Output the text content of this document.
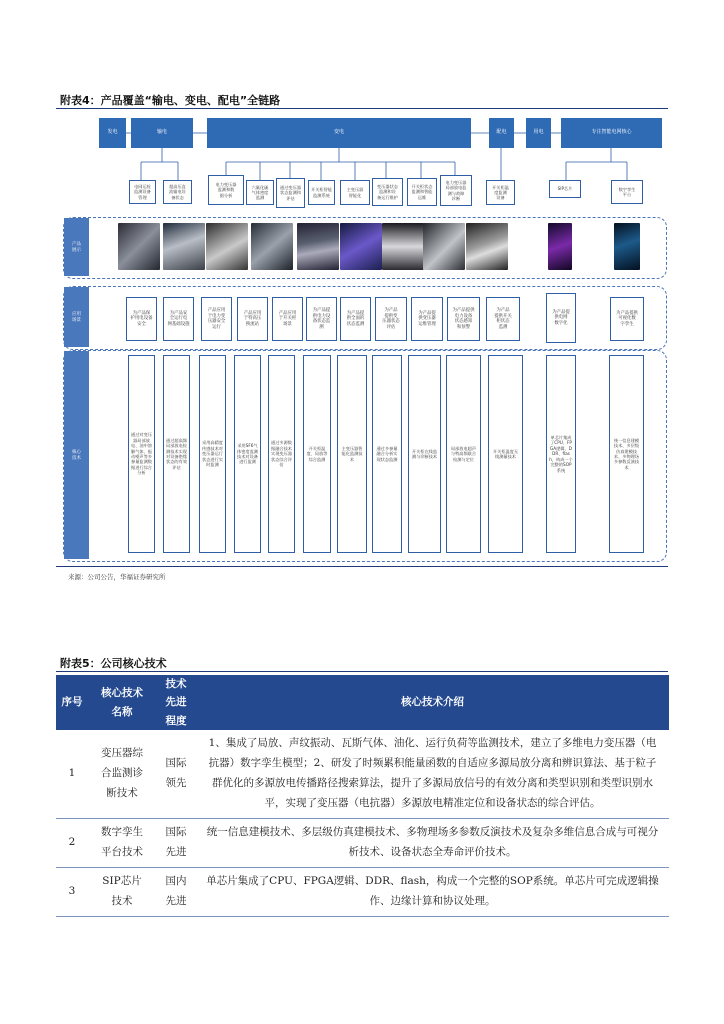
附表4：产品覆盖“输电、变电、配电”全链路
发电	输电	变电	配电	用电	专注智能电网核心
电网运检
监测设备
管理
超高压直
流输电设
备状态
电力变压器
监测和数
据分析
六氟化硫
气体密度
监测
通过变压器
状态监测和
评估
开关柜智能
监测系统
主变压器
智能化
变压器状态
监测和设
备运行维护
开关柜状态
监测和智能
运维
电力变压器
局部放电监
测与故障
诊断
开关柜温
度监测
设备
SIP芯片	数字孪生
平台
产品
展示
应用
场景
核心
技术
为产品保
护用电设备
安全
为产品安
全运行电
网基础设施
产品应用
于电力变
压器安全
运行
产品应用
于特高压
换流站
产品应用
于开关柜
场景
为产品提
供电力设
备状态监
测
为产品提
供全面的
状态监测
为产品
提供变
压器状态
评估
为产品提
供变压器
运维管理
为产品提供
电力设备
状态感知
和预警
为产品
提供开关
柜状态
监测
为产品提
供电网
数字化
为产品提供
可视化数
字孪生
通过对变压器局部放电、油中溶解气体、振动噪声等多参量监测数据进行综合分析
通过超高频局部放电检测技术实现对设备绝缘状态的有效评估
采用高精度传感技术对变压器运行状态进行实时监测
采用SF6气体密度监测技术对设备进行监测
通过多源数据融合技术实现变压器状态综合评估
开关柜温度、局放等综合监测
主变压器智能化监测技术
通过多参量融合分析实现状态监测
开关柜在线监测与诊断技术
局部放电超声与特高频联合检测与定位
开关柜温度无线测量技术
单芯片集成了CPU、FPGA逻辑、DDR、flash，构成一个完整的SOP系统
统一信息建模技术、多层级仿真建模技术、多物理场多参数反演技术
来源：公司公告，华福证券研究所
附表5：公司核心技术
序号	核心技术名称	技术先进程度	核心技术介绍
1	变压器综合监测诊断技术	国际领先	1、集成了局放、声纹振动、瓦斯气体、油化、运行负荷等监测技术，建立了多维电力变压器（电抗器）数字孪生模型；2、研发了时频累积能量函数的自适应多源局放分离和辨识算法、基于粒子群优化的多源放电传播路径搜索算法，提升了多源局放信号的有效分离和类型识别和类型识别水平，实现了变压器（电抗器）多源放电精准定位和设备状态的综合评估。
2	数字孪生平台技术	国际先进	统一信息建模技术、多层级仿真建模技术、多物理场多参数反演技术及复杂多维信息合成与可视分析技术、设备状态全寿命评价技术。
3	SIP芯片技术	国内先进	单芯片集成了CPU、FPGA逻辑、DDR、flash，构成一个完整的SOP系统。单芯片可完成逻辑操作、边缘计算和协议处理。
